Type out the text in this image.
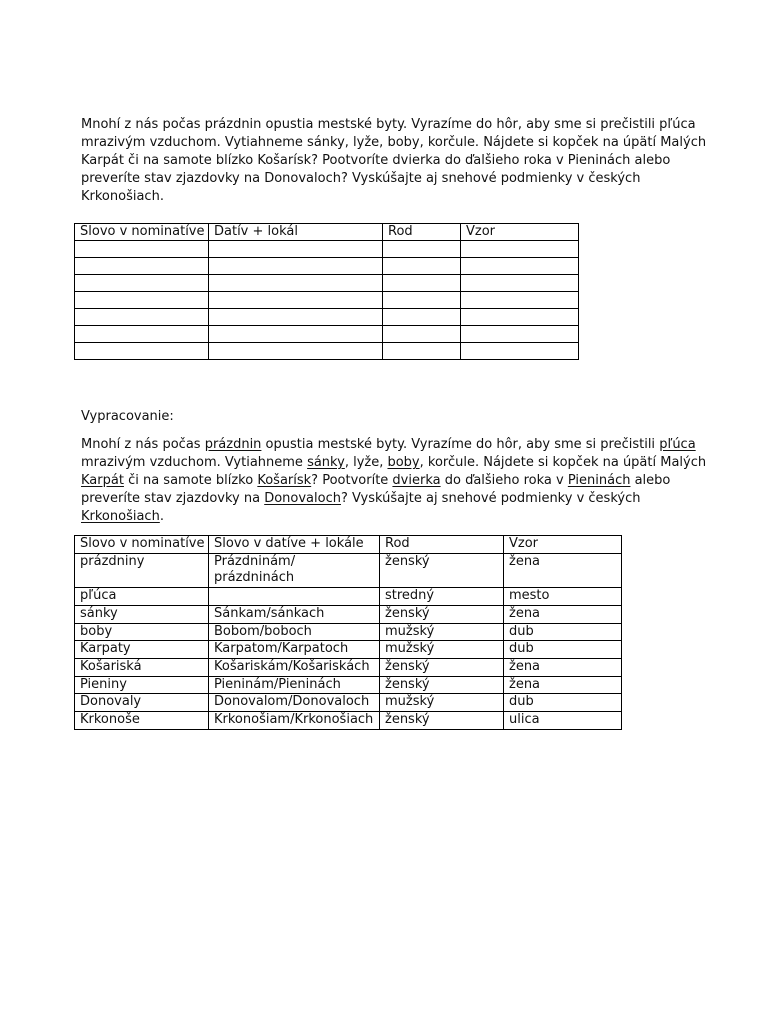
Mnohí z nás počas prázdnin opustia mestské byty. Vyrazíme do hôr, aby sme si prečistili pľúca mrazivým vzduchom. Vytiahneme sánky, lyže, boby, korčule. Nájdete si kopček na úpätí Malých Karpát či na samote blízko Košarísk? Pootvoríte dvierka do ďalšieho roka v Pieninách alebo preveríte stav zjazdovky na Donovaloch? Vyskúšajte aj snehové podmienky v českých Krkonošiach.

Slovo v nominatíve	Datív + lokál	Rod	Vzor

Vypracovanie:

Mnohí z nás počas prázdnin opustia mestské byty. Vyrazíme do hôr, aby sme si prečistili pľúca mrazivým vzduchom. Vytiahneme sánky, lyže, boby, korčule. Nájdete si kopček na úpätí Malých Karpát či na samote blízko Košarísk? Pootvoríte dvierka do ďalšieho roka v Pieninách alebo preveríte stav zjazdovky na Donovaloch? Vyskúšajte aj snehové podmienky v českých Krkonošiach.

Slovo v nominatíve	Slovo v datíve + lokále	Rod	Vzor
prázdniny	Prázdninám/ prázdninách	ženský	žena
pľúca		stredný	mesto
sánky	Sánkam/sánkach	ženský	žena
boby	Bobom/boboch	mužský	dub
Karpaty	Karpatom/Karpatoch	mužský	dub
Košariská	Košariskám/Košariskách	ženský	žena
Pieniny	Pieninám/Pieninách	ženský	žena
Donovaly	Donovalom/Donovaloch	mužský	dub
Krkonoše	Krkonošiam/Krkonošiach	ženský	ulica
